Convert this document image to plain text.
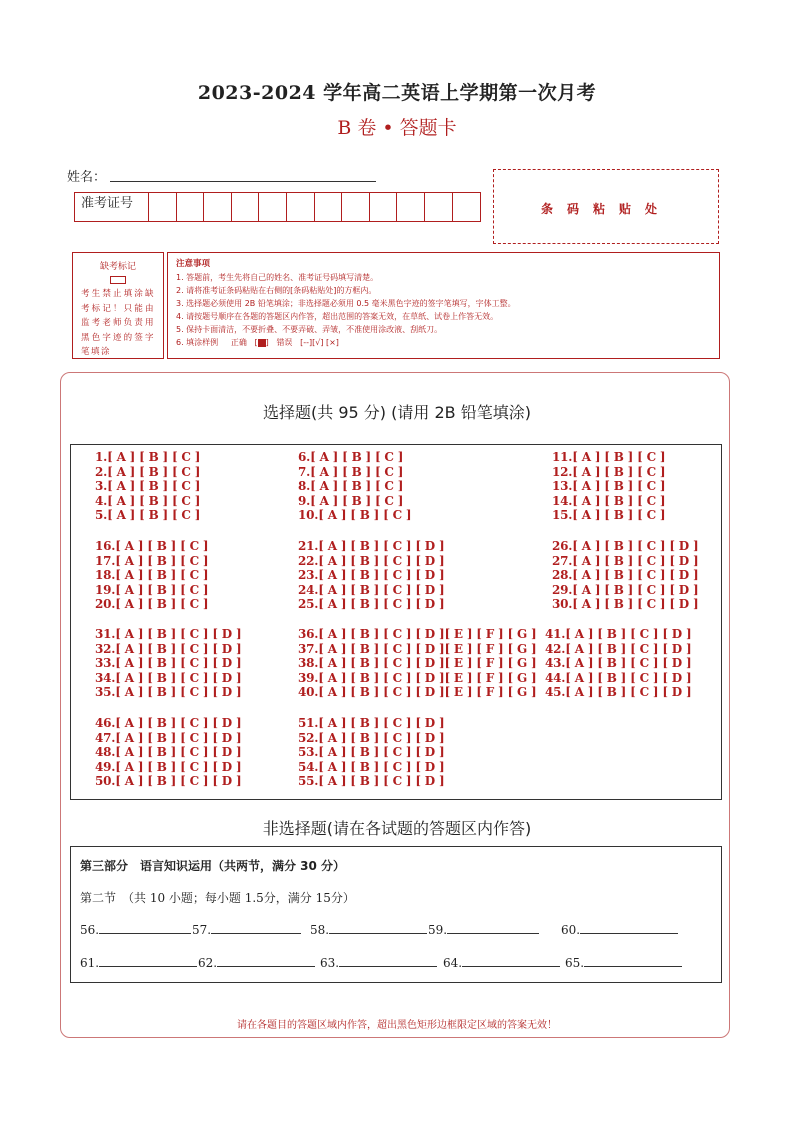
2023-2024 学年高二英语上学期第一次月考
B 卷 • 答题卡
姓名：
准考证号	条码粘贴处
缺考标记
考生禁止填涂缺考标记！只能由监考老师负责用黑色字迹的签字笔填涂
注意事项
1. 答题前，考生先将自己的姓名、准考证号码填写清楚。
2. 请将准考证条码粘贴在右侧的[条码粘贴处]的方框内。
3. 选择题必须使用 2B 铅笔填涂；非选择题必须用 0.5 毫米黑色字迹的签字笔填写，字体工整。
4. 请按题号顺序在各题的答题区内作答，超出范围的答案无效，在草纸、试卷上作答无效。
5. 保持卡面清洁，不要折叠、不要弄破、弄皱，不准使用涂改液、刮纸刀。
6. 填涂样例 正确 [ ] 错误 [--][√] [×]
选择题(共 95 分) (请用 2B 铅笔填涂)
1.[ A ] [ B ] [ C ]
2.[ A ] [ B ] [ C ]
3.[ A ] [ B ] [ C ]
4.[ A ] [ B ] [ C ]
5.[ A ] [ B ] [ C ]
6.[ A ] [ B ] [ C ]
7.[ A ] [ B ] [ C ]
8.[ A ] [ B ] [ C ]
9.[ A ] [ B ] [ C ]
10.[ A ] [ B ] [ C ]
11.[ A ] [ B ] [ C ]
12.[ A ] [ B ] [ C ]
13.[ A ] [ B ] [ C ]
14.[ A ] [ B ] [ C ]
15.[ A ] [ B ] [ C ]
16.[ A ] [ B ] [ C ]
17.[ A ] [ B ] [ C ]
18.[ A ] [ B ] [ C ]
19.[ A ] [ B ] [ C ]
20.[ A ] [ B ] [ C ]
21.[ A ] [ B ] [ C ] [ D ]
22.[ A ] [ B ] [ C ] [ D ]
23.[ A ] [ B ] [ C ] [ D ]
24.[ A ] [ B ] [ C ] [ D ]
25.[ A ] [ B ] [ C ] [ D ]
26.[ A ] [ B ] [ C ] [ D ]
27.[ A ] [ B ] [ C ] [ D ]
28.[ A ] [ B ] [ C ] [ D ]
29.[ A ] [ B ] [ C ] [ D ]
30.[ A ] [ B ] [ C ] [ D ]
31.[ A ] [ B ] [ C ] [ D ]
32.[ A ] [ B ] [ C ] [ D ]
33.[ A ] [ B ] [ C ] [ D ]
34.[ A ] [ B ] [ C ] [ D ]
35.[ A ] [ B ] [ C ] [ D ]
36.[ A ] [ B ] [ C ] [ D ][ E ] [ F ] [ G ]
37.[ A ] [ B ] [ C ] [ D ][ E ] [ F ] [ G ]
38.[ A ] [ B ] [ C ] [ D ][ E ] [ F ] [ G ]
39.[ A ] [ B ] [ C ] [ D ][ E ] [ F ] [ G ]
40.[ A ] [ B ] [ C ] [ D ][ E ] [ F ] [ G ]
41.[ A ] [ B ] [ C ] [ D ]
42.[ A ] [ B ] [ C ] [ D ]
43.[ A ] [ B ] [ C ] [ D ]
44.[ A ] [ B ] [ C ] [ D ]
45.[ A ] [ B ] [ C ] [ D ]
46.[ A ] [ B ] [ C ] [ D ]
47.[ A ] [ B ] [ C ] [ D ]
48.[ A ] [ B ] [ C ] [ D ]
49.[ A ] [ B ] [ C ] [ D ]
50.[ A ] [ B ] [ C ] [ D ]
51.[ A ] [ B ] [ C ] [ D ]
52.[ A ] [ B ] [ C ] [ D ]
53.[ A ] [ B ] [ C ] [ D ]
54.[ A ] [ B ] [ C ] [ D ]
55.[ A ] [ B ] [ C ] [ D ]
非选择题(请在各试题的答题区内作答)
第三部分　语言知识运用（共两节，满分 30 分）
第二节　（共 10 小题；每小题 1.5分，满分 15分）
56.	57.	58.	59.	60.
61.	62.	63.	64.	65.
请在各题目的答题区域内作答，超出黑色矩形边框限定区域的答案无效！
